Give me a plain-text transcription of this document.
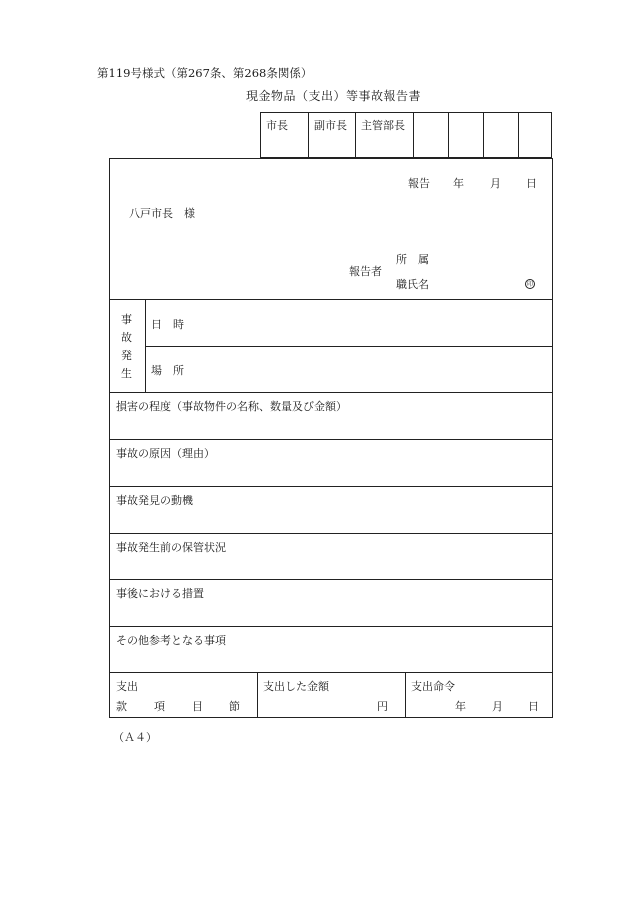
第119号様式（第267条、第268条関係）
現金物品（支出）等事故報告書
市長 副市長 主管部長
報告 年 月 日
八戸市長　様
報告者
所　属
職氏名	印
事
故
発
生
日　時
場　所
損害の程度（事故物件の名称、数量及び金額）
事故の原因（理由）
事故発見の動機
事故発生前の保管状況
事後における措置
その他参考となる事項
支出
款 項 目 節
支出した金額
円
支出命令
年 月 日
（Ａ４）
